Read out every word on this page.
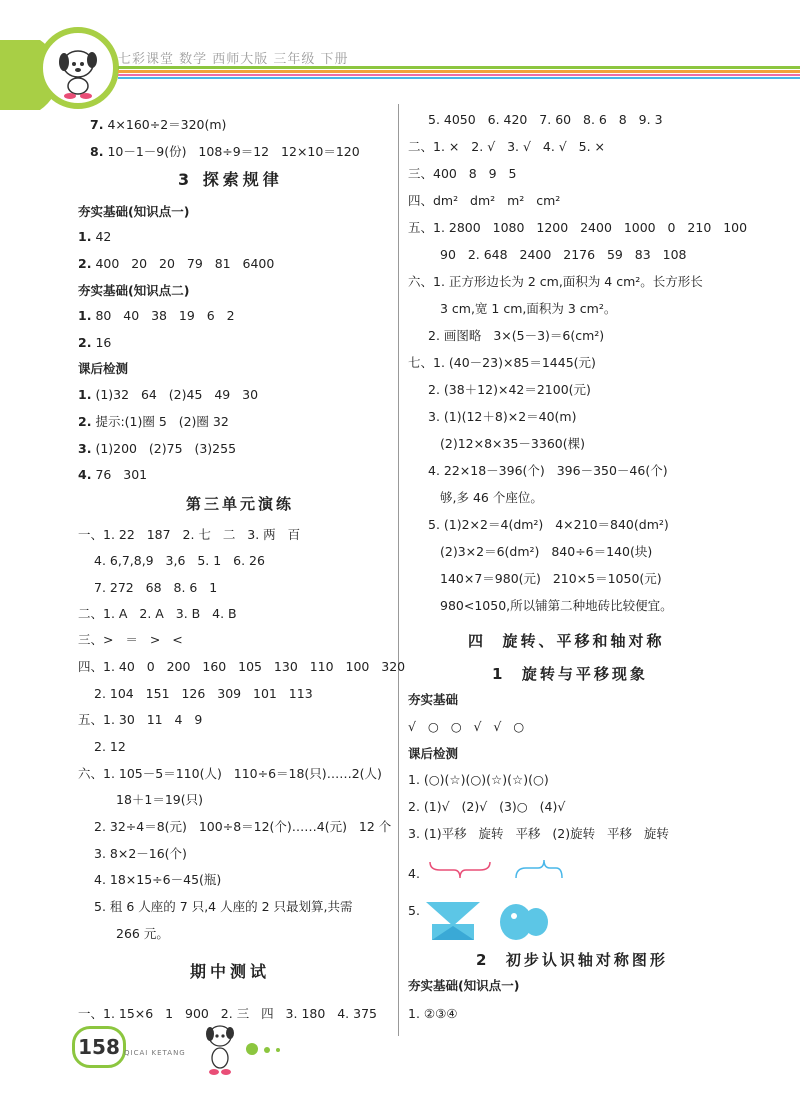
七彩课堂 数学 西师大版 三年级 下册
7. 4×160÷2＝320(m)
8. 10－1－9(份)   108÷9＝12   12×10＝120
3 探索规律
夯实基础(知识点一)
1. 42
2. 400   20   20   79   81   6400
夯实基础(知识点二)
1. 80   40   38   19   6   2
2. 16
课后检测
1. (1)32   64   (2)45   49   30
2. 提示:(1)圈 5   (2)圈 32
3. (1)200   (2)75   (3)255
4. 76   301
第三单元演练
一、1. 22   187   2. 七   二   3. 两   百
4. 6,7,8,9   3,6   5. 1   6. 26
7. 272   68   8. 6   1
二、1. A   2. A   3. B   4. B
三、>   ＝   >   <
四、1. 40   0   200   160   105   130   110   100   320
2. 104   151   126   309   101   113
五、1. 30   11   4   9
2. 12
六、1. 105－5＝110(人)   110÷6＝18(只)……2(人)
18＋1＝19(只)
2. 32÷4＝8(元)   100÷8＝12(个)……4(元)   12 个
3. 8×2－16(个)
4. 18×15÷6－45(瓶)
5. 租 6 人座的 7 只,4 人座的 2 只最划算,共需
266 元。
期中测试
一、1. 15×6   1   900   2. 三   四   3. 180   4. 375
5. 4050   6. 420   7. 60   8. 6   8   9. 3
二、1. ×   2. √   3. √   4. √   5. ×
三、400   8   9   5
四、dm²   dm²   m²   cm²
五、1. 2800   1080   1200   2400   1000   0   210   100
90   2. 648   2400   2176   59   83   108
六、1. 正方形边长为 2 cm,面积为 4 cm²。长方形长
3 cm,宽 1 cm,面积为 3 cm²。
2. 画图略   3×(5－3)＝6(cm²)
七、1. (40－23)×85＝1445(元)
2. (38＋12)×42＝2100(元)
3. (1)(12＋8)×2＝40(m)
(2)12×8×35－3360(棵)
4. 22×18－396(个)   396－350－46(个)
够,多 46 个座位。
5. (1)2×2＝4(dm²)   4×210＝840(dm²)
(2)3×2＝6(dm²)   840÷6＝140(块)
140×7＝980(元)   210×5＝1050(元)
980<1050,所以铺第二种地砖比较便宜。
四  旋转、平移和轴对称
1  旋转与平移现象
夯实基础
√   ○   ○   √   √   ○
课后检测
1. (○)(☆)(○)(☆)(☆)(○)
2. (1)√   (2)√   (3)○   (4)√
3. (1)平移   旋转   平移   (2)旋转   平移   旋转
4.
5.
2  初步认识轴对称图形
夯实基础(知识点一)
1. ②③④
158 QICAI KETANG
